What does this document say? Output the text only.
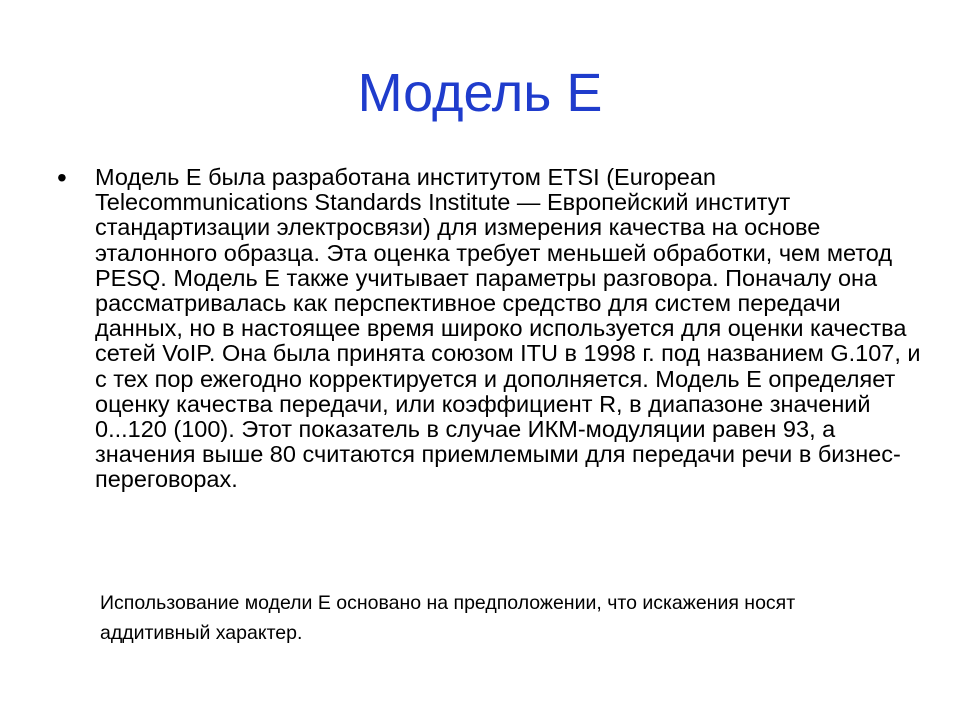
Модель Е
• Модель E была разработана институтом ETSI (European Telecommunications Standards Institute — Европейский институт стандартизации электросвязи) для измерения качества на основе эталонного образца. Эта оценка требует меньшей обработки, чем метод PESQ. Модель Е также учитывает параметры разговора. Поначалу она рассматривалась как перспективное средство для систем передачи данных, но в настоящее время широко используется для оценки качества сетей VoIP. Она была принята союзом ITU в 1998 г. под названием G.107, и с тех пор ежегодно корректируется и дополняется. Модель E определяет оценку качества передачи, или коэффициент R, в диапазоне значений 0...120 (100). Этот показатель в случае ИКМ-модуляции равен 93, а значения выше 80 считаются приемлемыми для передачи речи в бизнес-переговорах.

Использование модели Е основано на предположении, что искажения носят аддитивный характер.
